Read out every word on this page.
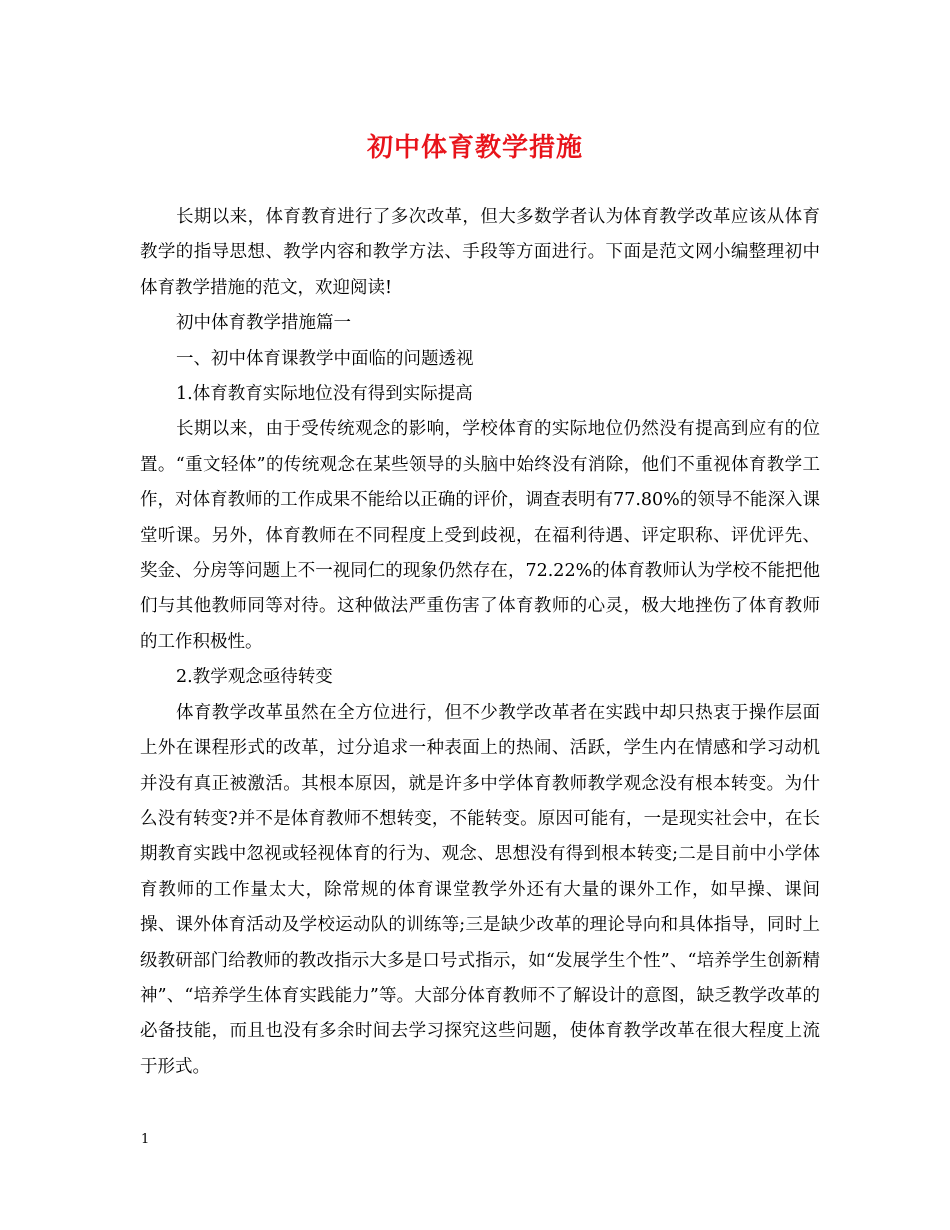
初中体育教学措施

长期以来，体育教育进行了多次改革，但大多数学者认为体育教学改革应该从体育教学的指导思想、教学内容和教学方法、手段等方面进行。下面是范文网小编整理初中体育教学措施的范文，欢迎阅读!

初中体育教学措施篇一

一、初中体育课教学中面临的问题透视

1.体育教育实际地位没有得到实际提高

长期以来，由于受传统观念的影响，学校体育的实际地位仍然没有提高到应有的位置。“重文轻体”的传统观念在某些领导的头脑中始终没有消除，他们不重视体育教学工作，对体育教师的工作成果不能给以正确的评价，调查表明有77.80%的领导不能深入课堂听课。另外，体育教师在不同程度上受到歧视，在福利待遇、评定职称、评优评先、奖金、分房等问题上不一视同仁的现象仍然存在，72.22%的体育教师认为学校不能把他们与其他教师同等对待。这种做法严重伤害了体育教师的心灵，极大地挫伤了体育教师的工作积极性。

2.教学观念亟待转变

体育教学改革虽然在全方位进行，但不少教学改革者在实践中却只热衷于操作层面上外在课程形式的改革，过分追求一种表面上的热闹、活跃，学生内在情感和学习动机并没有真正被激活。其根本原因，就是许多中学体育教师教学观念没有根本转变。为什么没有转变?并不是体育教师不想转变，不能转变。原因可能有，一是现实社会中，在长期教育实践中忽视或轻视体育的行为、观念、思想没有得到根本转变;二是目前中小学体育教师的工作量太大，除常规的体育课堂教学外还有大量的课外工作，如早操、课间操、课外体育活动及学校运动队的训练等;三是缺少改革的理论导向和具体指导，同时上级教研部门给教师的教改指示大多是口号式指示，如“发展学生个性”、“培养学生创新精神”、“培养学生体育实践能力”等。大部分体育教师不了解设计的意图，缺乏教学改革的必备技能，而且也没有多余时间去学习探究这些问题，使体育教学改革在很大程度上流于形式。

1
